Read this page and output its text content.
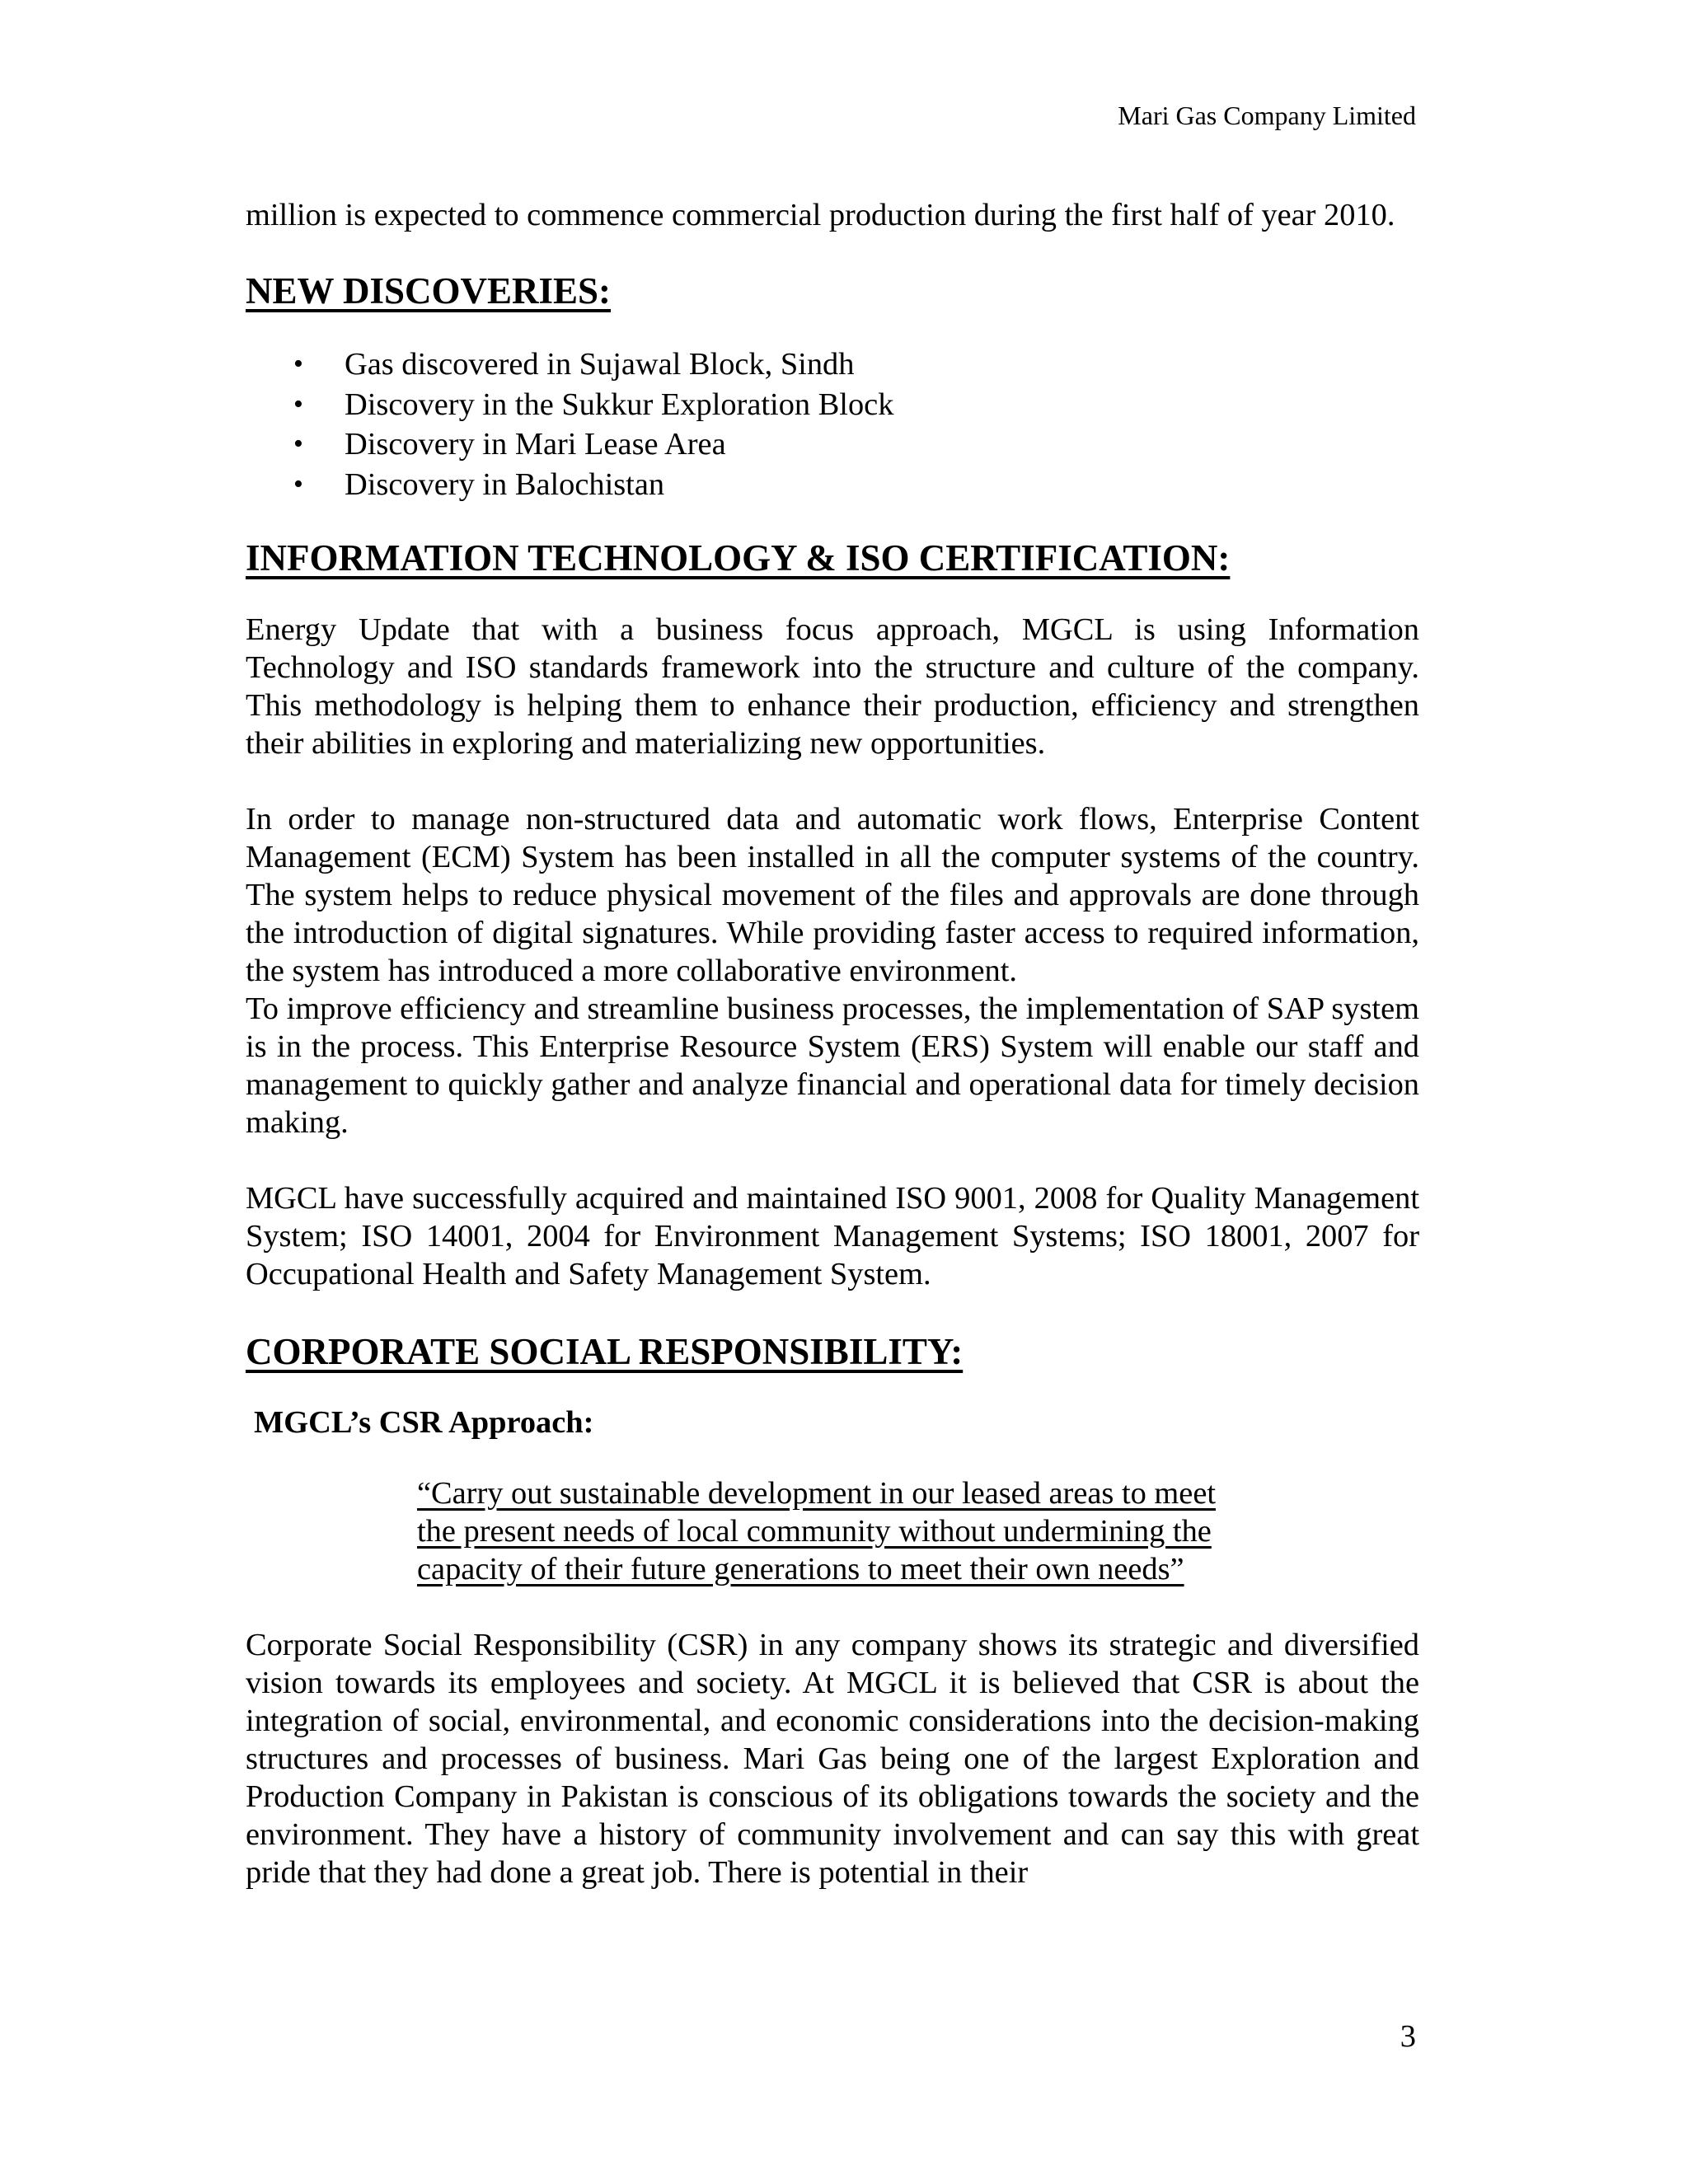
Mari Gas Company Limited

million is expected to commence commercial production during the first half of year 2010.

NEW DISCOVERIES:
• Gas discovered in Sujawal Block, Sindh
• Discovery in the Sukkur Exploration Block
• Discovery in Mari Lease Area
• Discovery in Balochistan
INFORMATION TECHNOLOGY & ISO CERTIFICATION:

Energy Update that with a business focus approach, MGCL is using Information Technology and ISO standards framework into the structure and culture of the company. This methodology is helping them to enhance their production, efficiency and strengthen their abilities in exploring and materializing new opportunities.

In order to manage non-structured data and automatic work flows, Enterprise Content Management (ECM) System has been installed in all the computer systems of the country. The system helps to reduce physical movement of the files and approvals are done through the introduction of digital signatures. While providing faster access to required information, the system has introduced a more collaborative environment.

To improve efficiency and streamline business processes, the implementation of SAP system is in the process. This Enterprise Resource System (ERS) System will enable our staff and management to quickly gather and analyze financial and operational data for timely decision making.

MGCL have successfully acquired and maintained ISO 9001, 2008 for Quality Management System; ISO 14001, 2004 for Environment Management Systems; ISO 18001, 2007 for Occupational Health and Safety Management System.

CORPORATE SOCIAL RESPONSIBILITY:
MGCL’s CSR Approach:

“Carry out sustainable development in our leased areas to meet the present needs of local community without undermining the capacity of their future generations to meet their own needs”

Corporate Social Responsibility (CSR) in any company shows its strategic and diversified vision towards its employees and society. At MGCL it is believed that CSR is about the integration of social, environmental, and economic considerations into the decision-making structures and processes of business. Mari Gas being one of the largest Exploration and Production Company in Pakistan is conscious of its obligations towards the society and the environment. They have a history of community involvement and can say this with great pride that they had done a great job. There is potential in their

3
